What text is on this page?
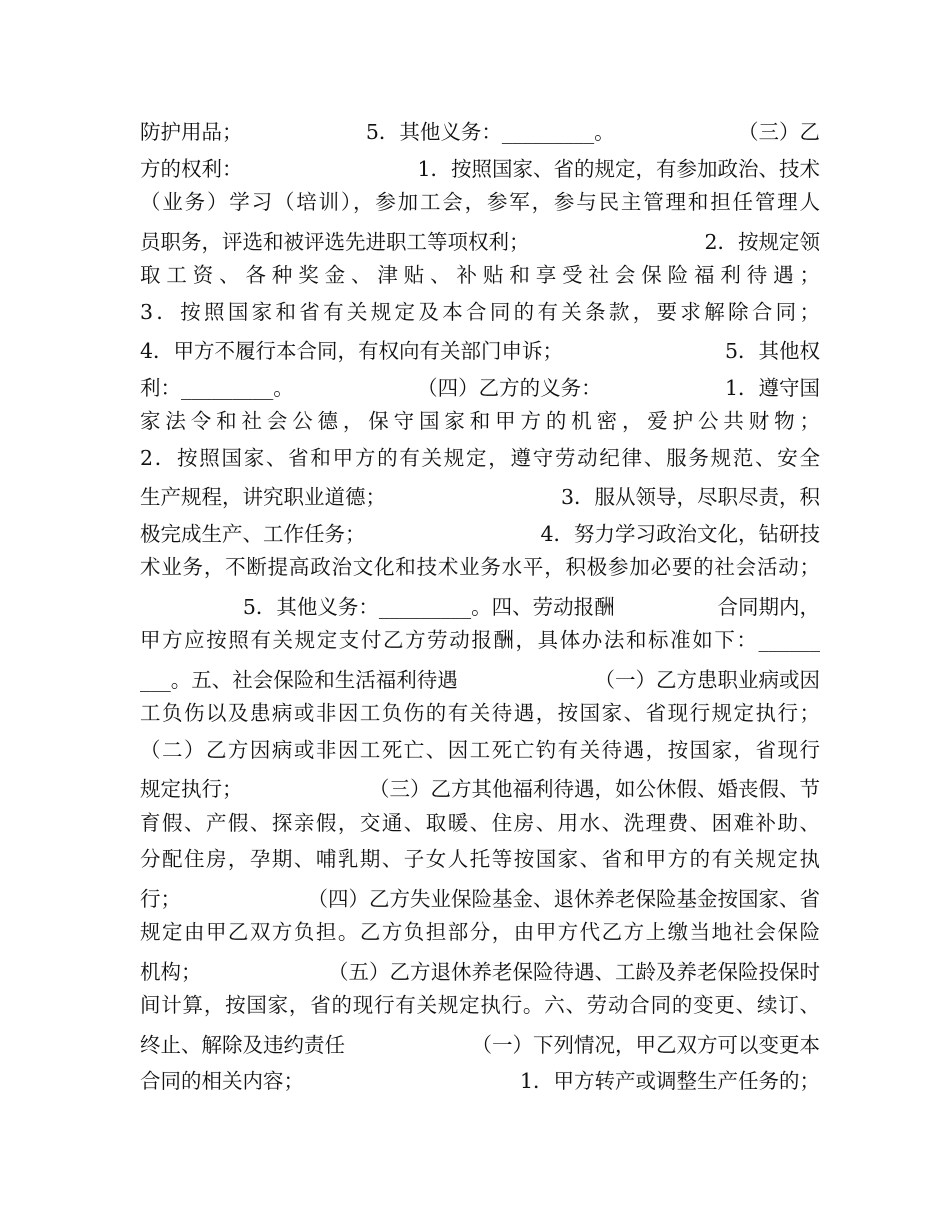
防护用品；	5．其他义务：_________。	（三）乙
方的权利：	1．按照国家、省的规定，有参加政治、技术
（业务）学习（培训），参加工会，参军，参与民主管理和担任管理人
员职务，评选和被评选先进职工等项权利；	2．按规定领
取工资、各种奖金、津贴、补贴和享受社会保险福利待遇；
3．按照国家和省有关规定及本合同的有关条款，要求解除合同；
4．甲方不履行本合同，有权向有关部门申诉；	5．其他权
利：_________。	（四）乙方的义务：	1．遵守国
家法令和社会公德，保守国家和甲方的机密，爱护公共财物；
2．按照国家、省和甲方的有关规定，遵守劳动纪律、服务规范、安全
生产规程，讲究职业道德；	3．服从领导，尽职尽责，积
极完成生产、工作任务；	4．努力学习政治文化，钻研技
术业务，不断提高政治文化和技术业务水平，积极参加必要的社会活动；
5．其他义务：_________。四、劳动报酬	合同期内，
甲方应按照有关规定支付乙方劳动报酬，具体办法和标准如下：______
___。五、社会保险和生活福利待遇	（一）乙方患职业病或因
工负伤以及患病或非因工负伤的有关待遇，按国家、省现行规定执行；
（二）乙方因病或非因工死亡、因工死亡钓有关待遇，按国家，省现行
规定执行；	（三）乙方其他福利待遇，如公休假、婚丧假、节
育假、产假、探亲假，交通、取暖、住房、用水、洗理费、困难补助、
分配住房，孕期、哺乳期、子女人托等按国家、省和甲方的有关规定执
行；	（四）乙方失业保险基金、退休养老保险基金按国家、省
规定由甲乙双方负担。乙方负担部分，由甲方代乙方上缴当地社会保险
机构；	（五）乙方退休养老保险待遇、工龄及养老保险投保时
间计算，按国家，省的现行有关规定执行。六、劳动合同的变更、续订、
终止、解除及违约责任	（一）下列情况，甲乙双方可以变更本
合同的相关内容；	1．甲方转产或调整生产任务的；
